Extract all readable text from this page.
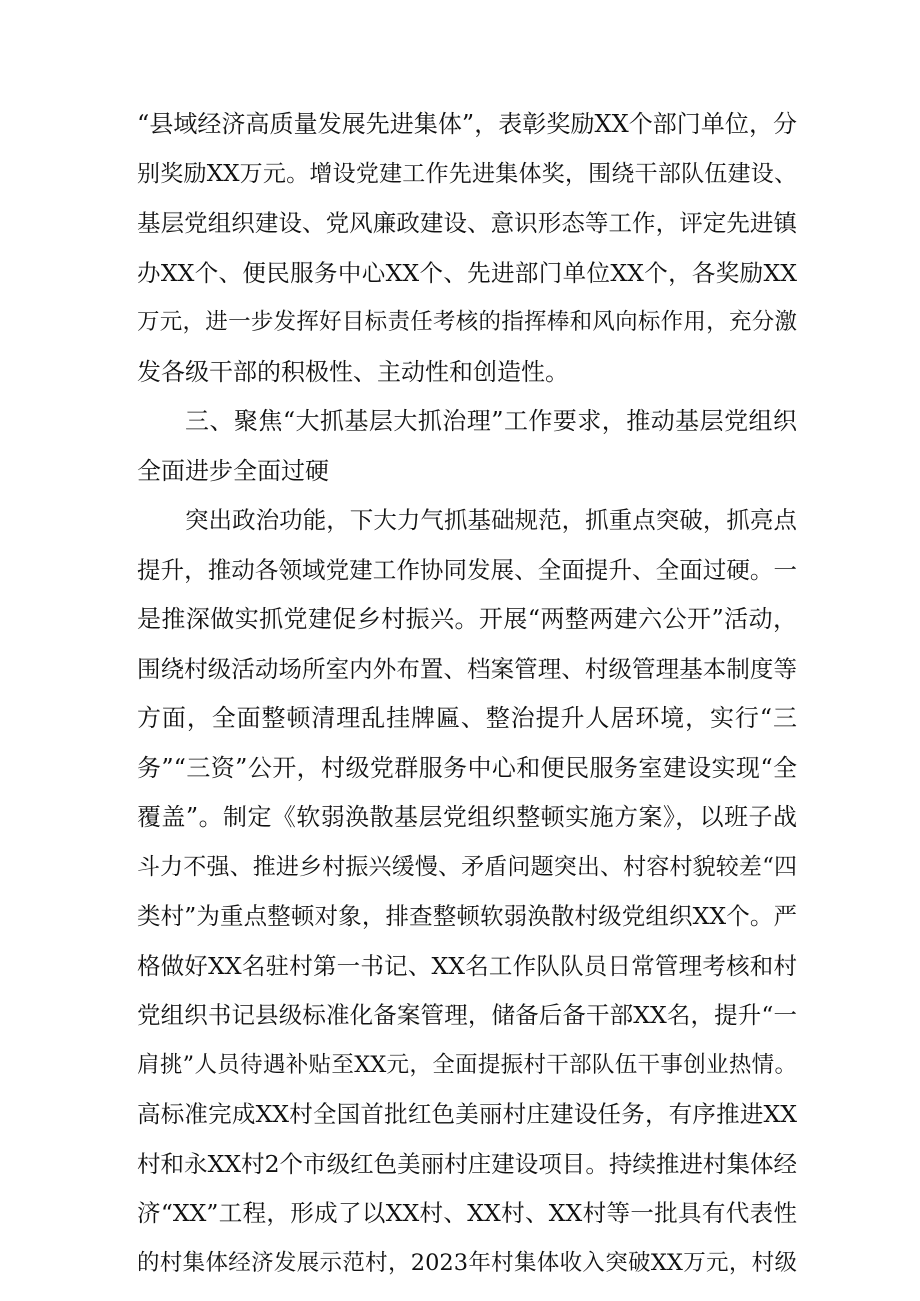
“县域经济高质量发展先进集体”，表彰奖励XX个部门单位，分
别奖励XX万元。增设党建工作先进集体奖，围绕干部队伍建设、
基层党组织建设、党风廉政建设、意识形态等工作，评定先进镇
办XX个、便民服务中心XX个、先进部门单位XX个，各奖励XX
万元，进一步发挥好目标责任考核的指挥棒和风向标作用，充分激
发各级干部的积极性、主动性和创造性。
三、聚焦“大抓基层大抓治理”工作要求，推动基层党组织
全面进步全面过硬
突出政治功能，下大力气抓基础规范，抓重点突破，抓亮点
提升，推动各领域党建工作协同发展、全面提升、全面过硬。一
是推深做实抓党建促乡村振兴。开展“两整两建六公开”活动，
围绕村级活动场所室内外布置、档案管理、村级管理基本制度等
方面，全面整顿清理乱挂牌匾、整治提升人居环境，实行“三
务”“三资”公开，村级党群服务中心和便民服务室建设实现“全
覆盖”。制定《软弱涣散基层党组织整顿实施方案》，以班子战
斗力不强、推进乡村振兴缓慢、矛盾问题突出、村容村貌较差“四
类村”为重点整顿对象，排查整顿软弱涣散村级党组织XX个。严
格做好XX名驻村第一书记、XX名工作队队员日常管理考核和村
党组织书记县级标准化备案管理，储备后备干部XX名，提升“一
肩挑”人员待遇补贴至XX元，全面提振村干部队伍干事创业热情。
高标准完成XX村全国首批红色美丽村庄建设任务，有序推进XX
村和永XX村2个市级红色美丽村庄建设项目。持续推进村集体经
济“XX”工程，形成了以XX村、XX村、XX村等一批具有代表性
的村集体经济发展示范村，2023年村集体收入突破XX万元，村级
